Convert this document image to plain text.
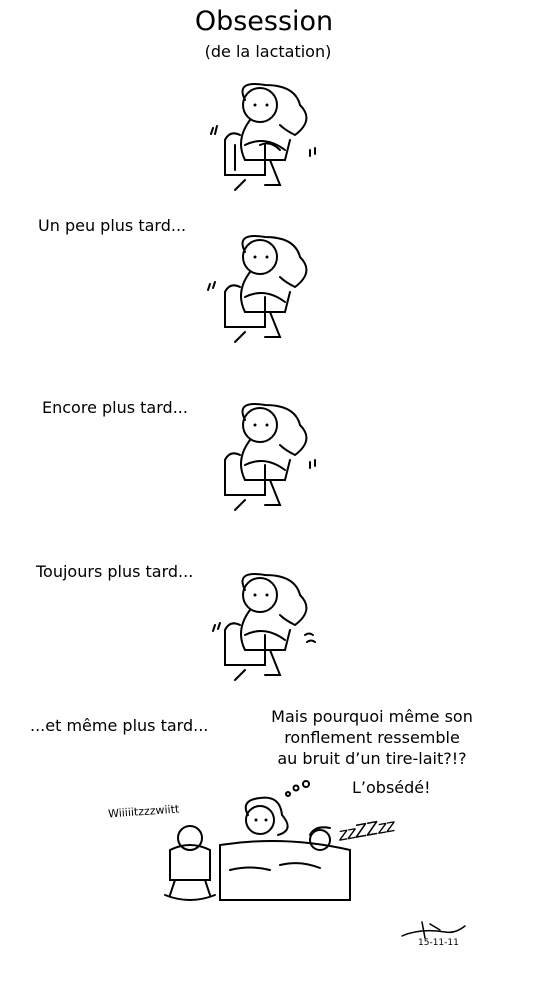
Obsession
(de la lactation)
Un peu plus tard...
Encore plus tard...
Toujours plus tard...
...et même plus tard...	Mais pourquoi même son
ronflement ressemble
au bruit d’un tire-lait?!?
L’obsédé!
Wiiiiitzzzwiitt
zzZZzz
15-11-11
